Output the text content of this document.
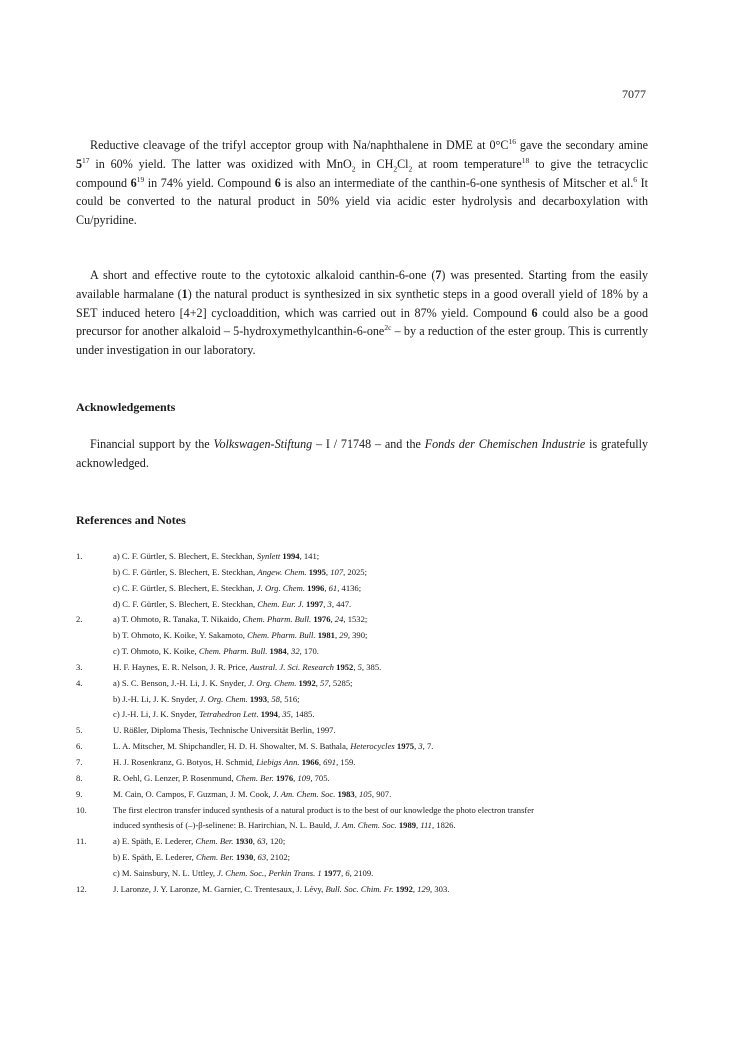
7077

Reductive cleavage of the trifyl acceptor group with Na/naphthalene in DME at $0^\circ C^{16}$ gave the secondary amine $5^{17}$ in 60% yield. The latter was oxidized with MnO$_2$ in $CH_2Cl_2$ at room temperature$^{18}$ to give the tetracyclic compound $6^{19}$ in 74% yield. Compound 6 is also an intermediate of the canthin-6-one synthesis of Mitscher et al.$^6$ It could be converted to the natural product in 50% yield via acidic ester hydrolysis and decarboxylation with Cu/pyridine.

A short and effective route to the cytotoxic alkaloid canthin-6-one (7) was presented. Starting from the easily available harmalane (1) the natural product is synthesized in six synthetic steps in a good overall yield of 18% by a SET induced hetero [4+2] cycloaddition, which was carried out in 87% yield. Compound 6 could also be a good precursor for another alkaloid – 5-hydroxymethylcanthin-6-one$^{2c}$ – by a reduction of the ester group. This is currently under investigation in our laboratory.

Acknowledgements

Financial support by the Volkswagen-Stiftung – I / 71748 – and the Fonds der Chemischen Industrie is gratefully acknowledged.

References and Notes
1.	a) C. F. Gürtler, S. Blechert, E. Steckhan, Synlett 1994, 141;
b) C. F. Gürtler, S. Blechert, E. Steckhan, Angew. Chem. 1995, 107, 2025;
c) C. F. Gürtler, S. Blechert, E. Steckhan, J. Org. Chem. 1996, 61, 4136;
d) C. F. Gürtler, S. Blechert, E. Steckhan, Chem. Eur. J. 1997, 3, 447.
2.	a) T. Ohmoto, R. Tanaka, T. Nikaido, Chem. Pharm. Bull. 1976, 24, 1532;
b) T. Ohmoto, K. Koike, Y. Sakamoto, Chem. Pharm. Bull. 1981, 29, 390;
c) T. Ohmoto, K. Koike, Chem. Pharm. Bull. 1984, 32, 170.
3.	H. F. Haynes, E. R. Nelson, J. R. Price, Austral. J. Sci. Research 1952, 5, 385.
4.	a) S. C. Benson, J.-H. Li, J. K. Snyder, J. Org. Chem. 1992, 57, 5285;
b) J.-H. Li, J. K. Snyder, J. Org. Chem. 1993, 58, 516;
c) J.-H. Li, J. K. Snyder, Tetrahedron Lett. 1994, 35, 1485.
5.	U. Rößler, Diploma Thesis, Technische Universität Berlin, 1997.
6.	L. A. Mitscher, M. Shipchandler, H. D. H. Showalter, M. S. Bathala, Heterocycles 1975, 3, 7.
7.	H. J. Rosenkranz, G. Botyos, H. Schmid, Liebigs Ann. 1966, 691, 159.
8.	R. Oehl, G. Lenzer, P. Rosenmund, Chem. Ber. 1976, 109, 705.
9.	M. Cain, O. Campos, F. Guzman, J. M. Cook, J. Am. Chem. Soc. 1983, 105, 907.
10.	The first electron transfer induced synthesis of a natural product is to the best of our knowledge the photo electron transfer
induced synthesis of (–)-β-selinene: B. Harirchian, N. L. Bauld, J. Am. Chem. Soc. 1989, 111, 1826.
11.	a) E. Späth, E. Lederer, Chem. Ber. 1930, 63, 120;
b) E. Späth, E. Lederer, Chem. Ber. 1930, 63, 2102;
c) M. Sainsbury, N. L. Uttley, J. Chem. Soc., Perkin Trans. 1 1977, 6, 2109.
12.	J. Laronze, J. Y. Laronze, M. Garnier, C. Trentesaux, J. Lévy, Bull. Soc. Chim. Fr. 1992, 129, 303.
